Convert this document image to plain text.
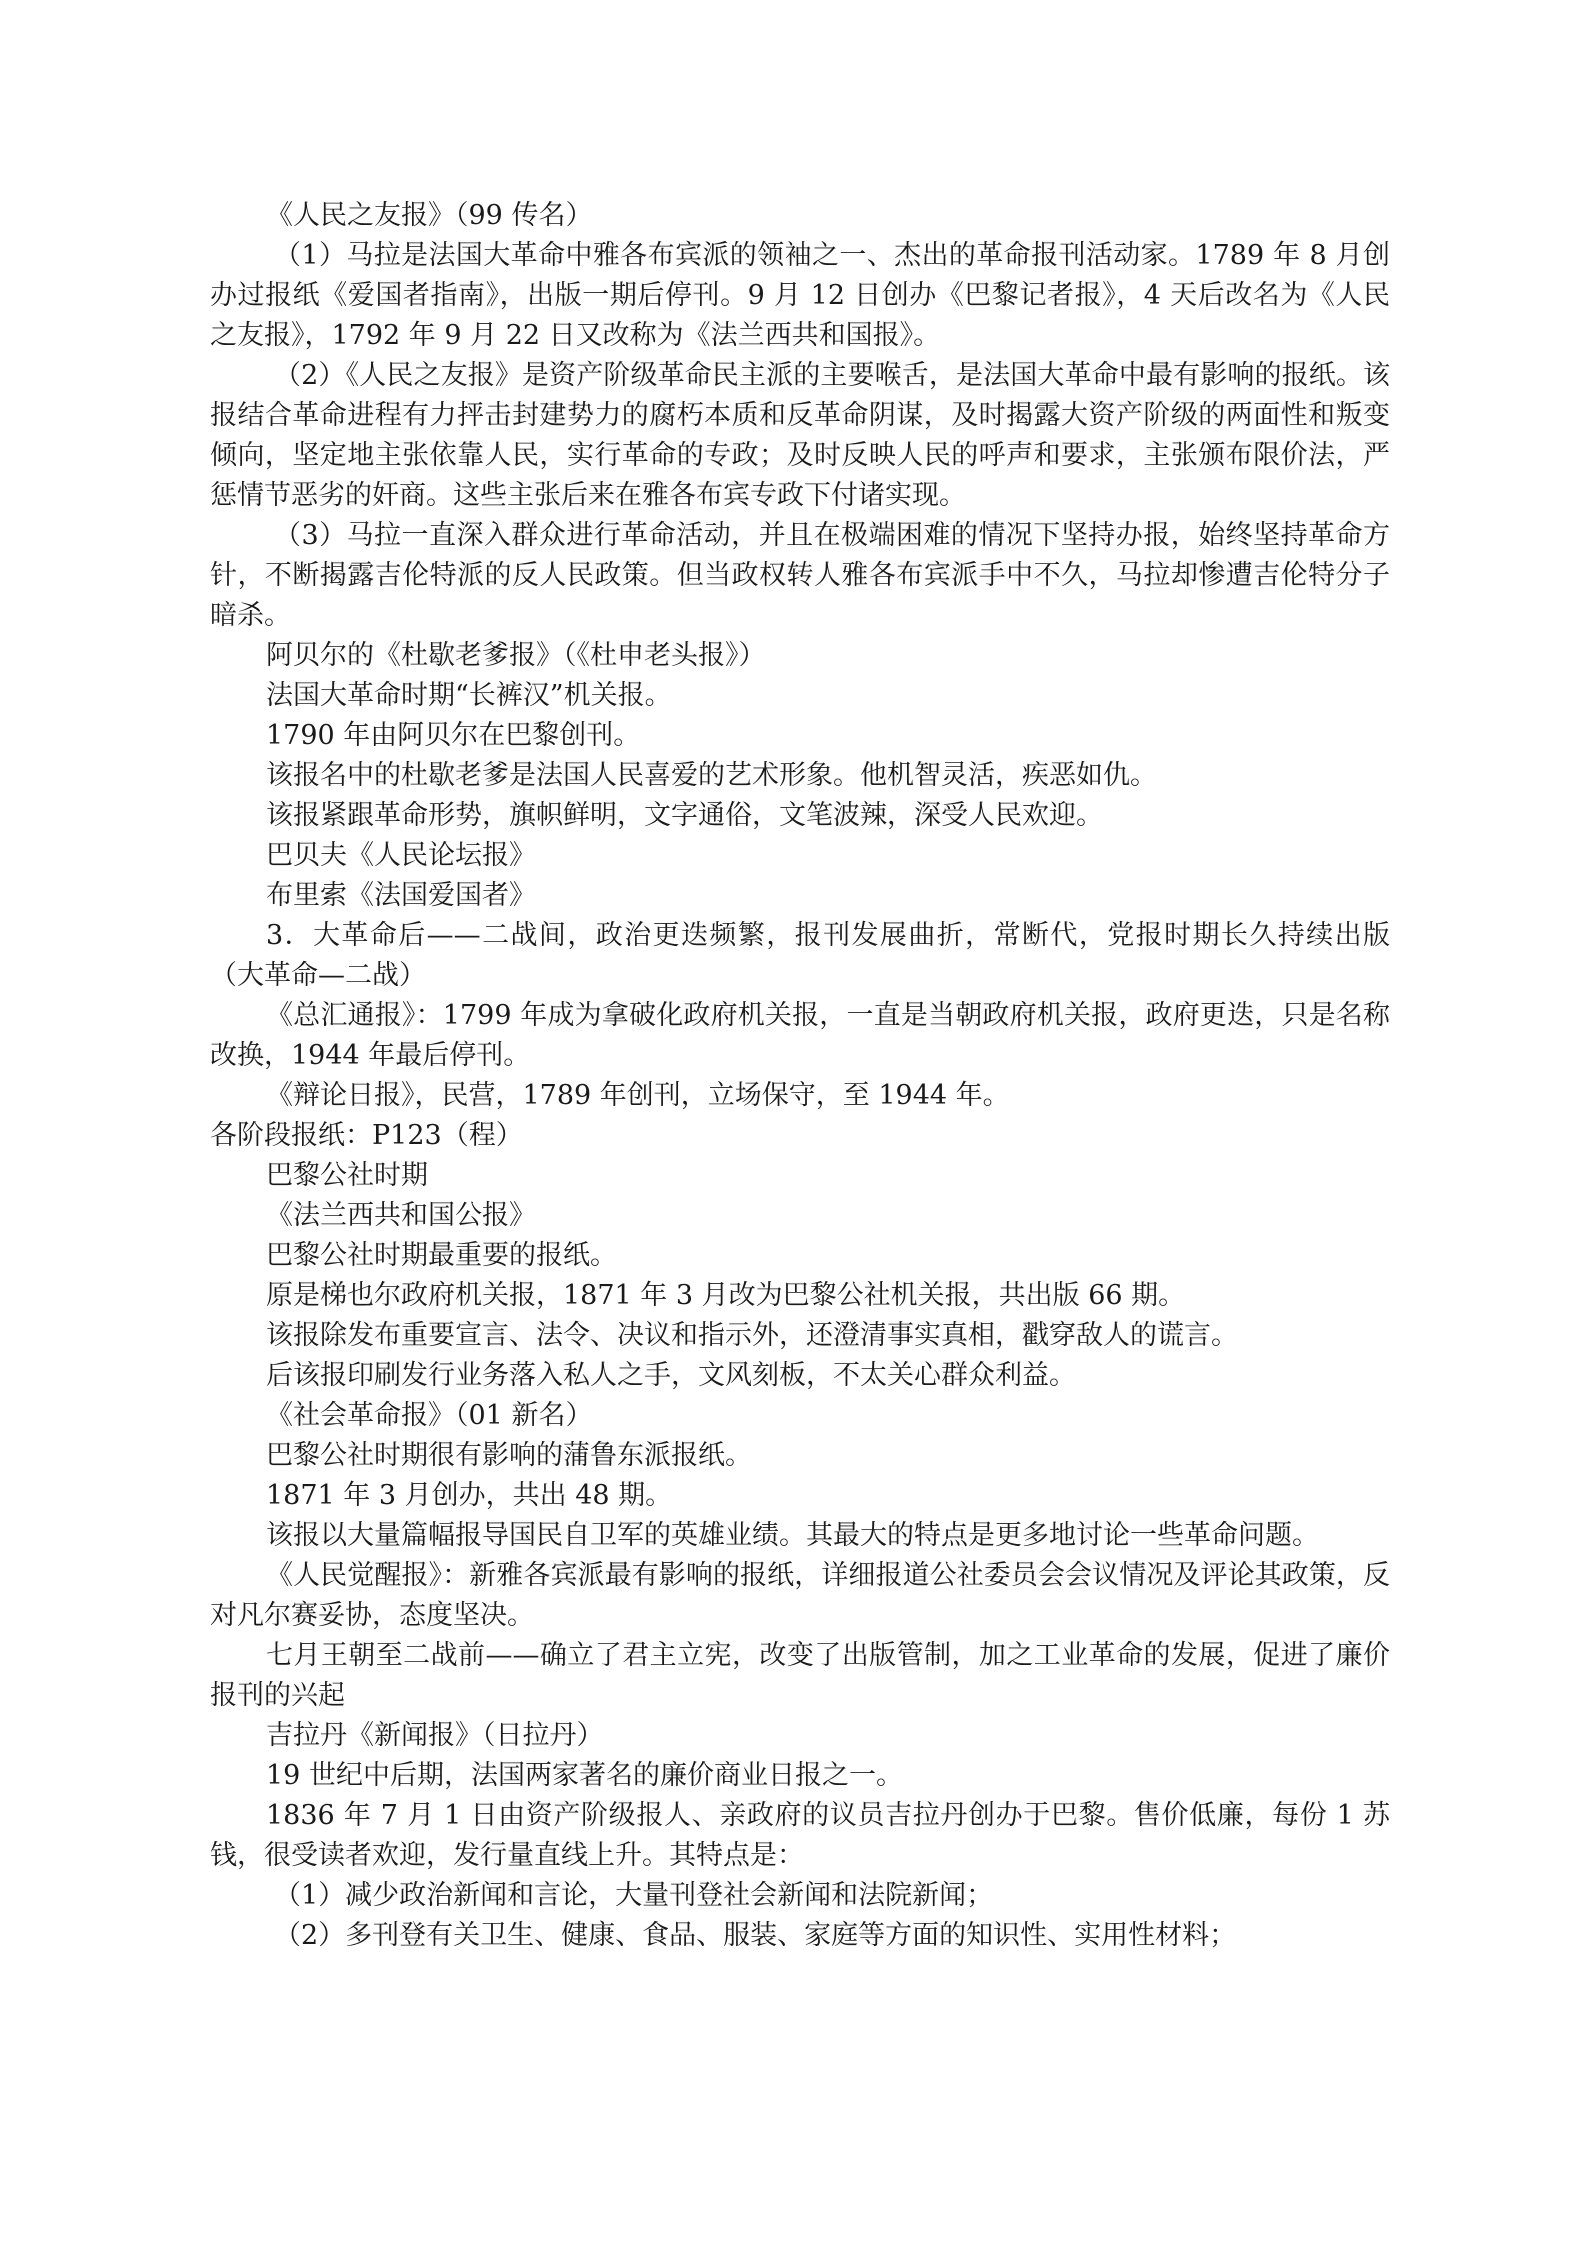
《人民之友报》（99 传名）

（1）马拉是法国大革命中雅各布宾派的领袖之一、杰出的革命报刊活动家。1789 年 8 月创办过报纸《爱国者指南》，出版一期后停刊。9 月 12 日创办《巴黎记者报》，4 天后改名为《人民之友报》，1792 年 9 月 22 日又改称为《法兰西共和国报》。

（2）《人民之友报》是资产阶级革命民主派的主要喉舌，是法国大革命中最有影响的报纸。该报结合革命进程有力抨击封建势力的腐朽本质和反革命阴谋，及时揭露大资产阶级的两面性和叛变倾向，坚定地主张依靠人民，实行革命的专政；及时反映人民的呼声和要求，主张颁布限价法，严惩情节恶劣的奸商。这些主张后来在雅各布宾专政下付诸实现。

（3）马拉一直深入群众进行革命活动，并且在极端困难的情况下坚持办报，始终坚持革命方针，不断揭露吉伦特派的反人民政策。但当政权转人雅各布宾派手中不久，马拉却惨遭吉伦特分子暗杀。

阿贝尔的《杜歇老爹报》（《杜申老头报》）

法国大革命时期“长裤汉”机关报。

1790 年由阿贝尔在巴黎创刊。

该报名中的杜歇老爹是法国人民喜爱的艺术形象。他机智灵活，疾恶如仇。

该报紧跟革命形势，旗帜鲜明，文字通俗，文笔波辣，深受人民欢迎。

巴贝夫《人民论坛报》

布里索《法国爱国者》

3．大革命后——二战间，政治更迭频繁，报刊发展曲折，常断代，党报时期长久持续出版（大革命—二战）

《总汇通报》：1799 年成为拿破化政府机关报，一直是当朝政府机关报，政府更迭，只是名称改换，1944 年最后停刊。

《辩论日报》，民营，1789 年创刊，立场保守，至 1944 年。

各阶段报纸：P123（程）

巴黎公社时期

《法兰西共和国公报》

巴黎公社时期最重要的报纸。

原是梯也尔政府机关报，1871 年 3 月改为巴黎公社机关报，共出版 66 期。

该报除发布重要宣言、法令、决议和指示外，还澄清事实真相，戳穿敌人的谎言。

后该报印刷发行业务落入私人之手，文风刻板，不太关心群众利益。

《社会革命报》（01 新名）

巴黎公社时期很有影响的蒲鲁东派报纸。

1871 年 3 月创办，共出 48 期。

该报以大量篇幅报导国民自卫军的英雄业绩。其最大的特点是更多地讨论一些革命问题。

《人民觉醒报》：新雅各宾派最有影响的报纸，详细报道公社委员会会议情况及评论其政策，反对凡尔赛妥协，态度坚决。

七月王朝至二战前——确立了君主立宪，改变了出版管制，加之工业革命的发展，促进了廉价报刊的兴起

吉拉丹《新闻报》（日拉丹）

19 世纪中后期，法国两家著名的廉价商业日报之一。

1836 年 7 月 1 日由资产阶级报人、亲政府的议员吉拉丹创办于巴黎。售价低廉，每份 1 苏钱，很受读者欢迎，发行量直线上升。其特点是：

（1）减少政治新闻和言论，大量刊登社会新闻和法院新闻；

（2）多刊登有关卫生、健康、食品、服装、家庭等方面的知识性、实用性材料；
